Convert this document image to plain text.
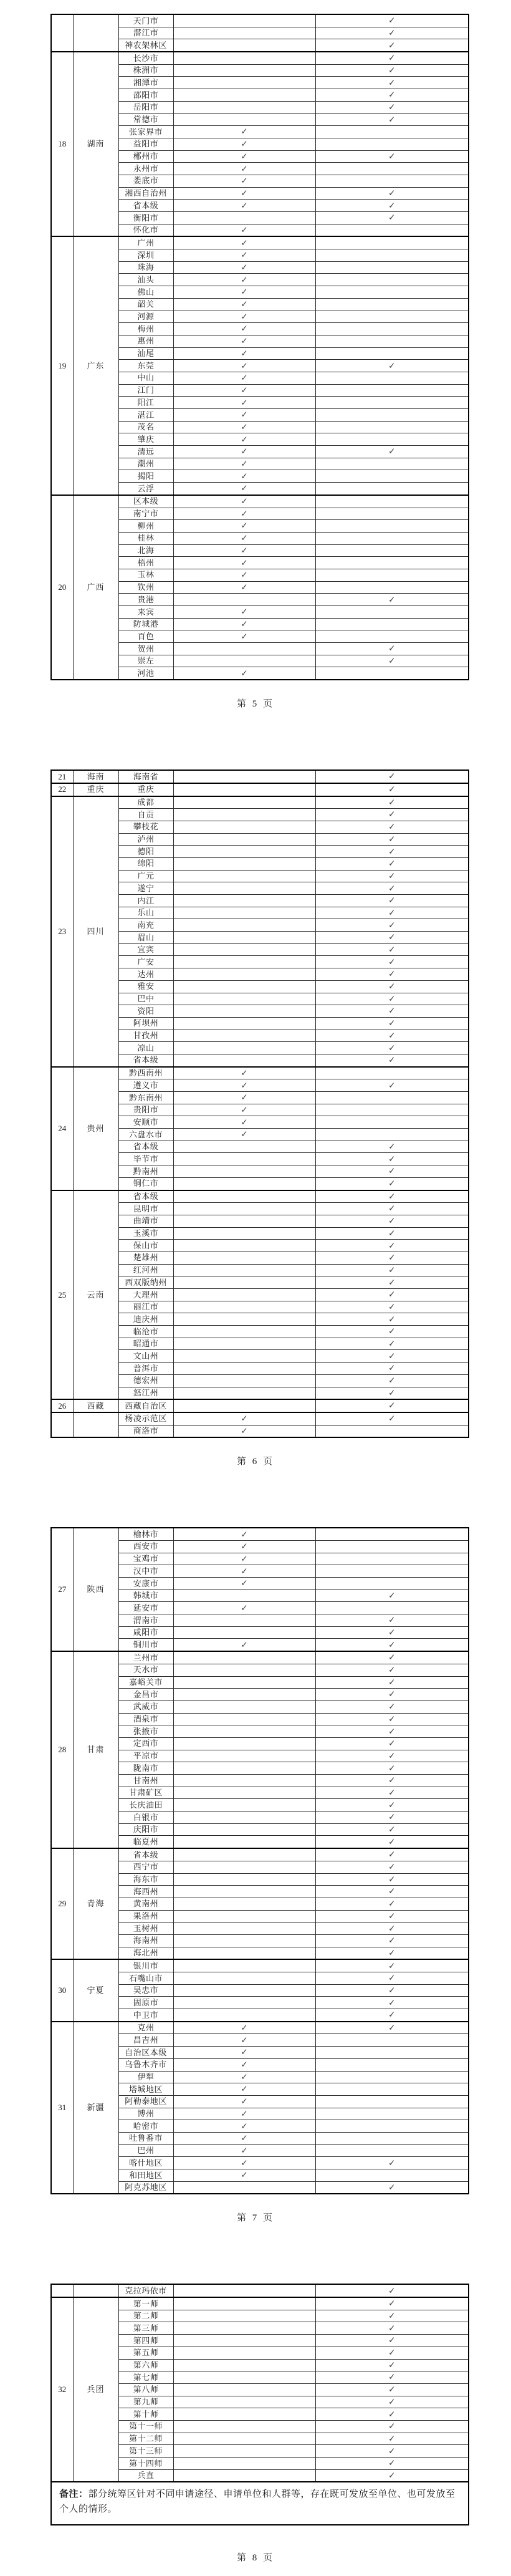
		天门市		✓
		潜江市		✓
		神农架林区		✓
18	湖南	长沙市		✓
		株洲市		✓
		湘潭市		✓
		邵阳市		✓
		岳阳市		✓
		常德市		✓
		张家界市	✓	
		益阳市	✓	
		郴州市	✓	✓
		永州市	✓	
		娄底市	✓	
		湘西自治州	✓	✓
		省本级	✓	✓
		衡阳市		✓
		怀化市	✓	
19	广东	广州	✓	
		深圳	✓	
		珠海	✓	
		汕头	✓	
		佛山	✓	
		韶关	✓	
		河源	✓	
		梅州	✓	
		惠州	✓	
		汕尾	✓	
		东莞	✓	✓
		中山	✓	
		江门	✓	
		阳江	✓	
		湛江	✓	
		茂名	✓	
		肇庆	✓	
		清远	✓	✓
		潮州	✓	
		揭阳	✓	
		云浮	✓	
20	广西	区本级	✓	
		南宁市	✓	
		柳州	✓	
		桂林	✓	
		北海	✓	
		梧州	✓	
		玉林	✓	
		钦州	✓	
		贵港		✓
		来宾	✓	
		防城港	✓	
		百色	✓	
		贺州		✓
		崇左		✓
		河池	✓	
第 5 页
21	海南	海南省		✓
22	重庆	重庆		✓
23	四川	成都		✓
		自贡		✓
		攀枝花		✓
		泸州		✓
		德阳		✓
		绵阳		✓
		广元		✓
		遂宁		✓
		内江		✓
		乐山		✓
		南充		✓
		眉山		✓
		宜宾		✓
		广安		✓
		达州		✓
		雅安		✓
		巴中		✓
		资阳		✓
		阿坝州		✓
		甘孜州		✓
		凉山		✓
		省本级		✓
24	贵州	黔西南州	✓	
		遵义市	✓	✓
		黔东南州	✓	
		贵阳市	✓	
		安顺市	✓	
		六盘水市	✓	
		省本级		✓
		毕节市		✓
		黔南州		✓
		铜仁市		✓
25	云南	省本级		✓
		昆明市		✓
		曲靖市		✓
		玉溪市		✓
		保山市		✓
		楚雄州		✓
		红河州		✓
		西双版纳州		✓
		大理州		✓
		丽江市		✓
		迪庆州		✓
		临沧市		✓
		昭通市		✓
		文山州		✓
		普洱市		✓
		德宏州		✓
		怒江州		✓
26	西藏	西藏自治区		✓
		杨凌示范区	✓	✓
		商洛市	✓	
第 6 页
27	陕西	榆林市	✓	
		西安市	✓	
		宝鸡市	✓	
		汉中市	✓	
		安康市	✓	
		韩城市		✓
		延安市	✓	
		渭南市		✓
		咸阳市		✓
		铜川市	✓	✓
28	甘肃	兰州市		✓
		天水市		✓
		嘉峪关市		✓
		金昌市		✓
		武威市		✓
		酒泉市		✓
		张掖市		✓
		定西市		✓
		平凉市		✓
		陇南市		✓
		甘南州		✓
		甘肃矿区		✓
		长庆油田		✓
		白银市		✓
		庆阳市		✓
		临夏州		✓
29	青海	省本级		✓
		西宁市		✓
		海东市		✓
		海西州		✓
		黄南州		✓
		果洛州		✓
		玉树州		✓
		海南州		✓
		海北州		✓
30	宁夏	银川市		✓
		石嘴山市		✓
		吴忠市		✓
		固原市		✓
		中卫市		✓
31	新疆	克州	✓	✓
		昌吉州	✓	
		自治区本级	✓	
		乌鲁木齐市	✓	
		伊犁	✓	
		塔城地区	✓	
		阿勒泰地区	✓	
		博州	✓	
		哈密市	✓	
		吐鲁番市	✓	
		巴州	✓	
		喀什地区	✓	✓
		和田地区	✓	
		阿克苏地区		✓
第 7 页
		克拉玛依市		✓
32	兵团	第一师		✓
		第二师		✓
		第三师		✓
		第四师		✓
		第五师		✓
		第六师		✓
		第七师		✓
		第八师		✓
		第九师		✓
		第十师		✓
		第十一师		✓
		第十二师		✓
		第十三师		✓
		第十四师		✓
		兵直		✓
备注：部分统筹区针对不同申请途径、申请单位和人群等，存在既可发放至单位、也可发放至个人的情形。				
第 8 页
